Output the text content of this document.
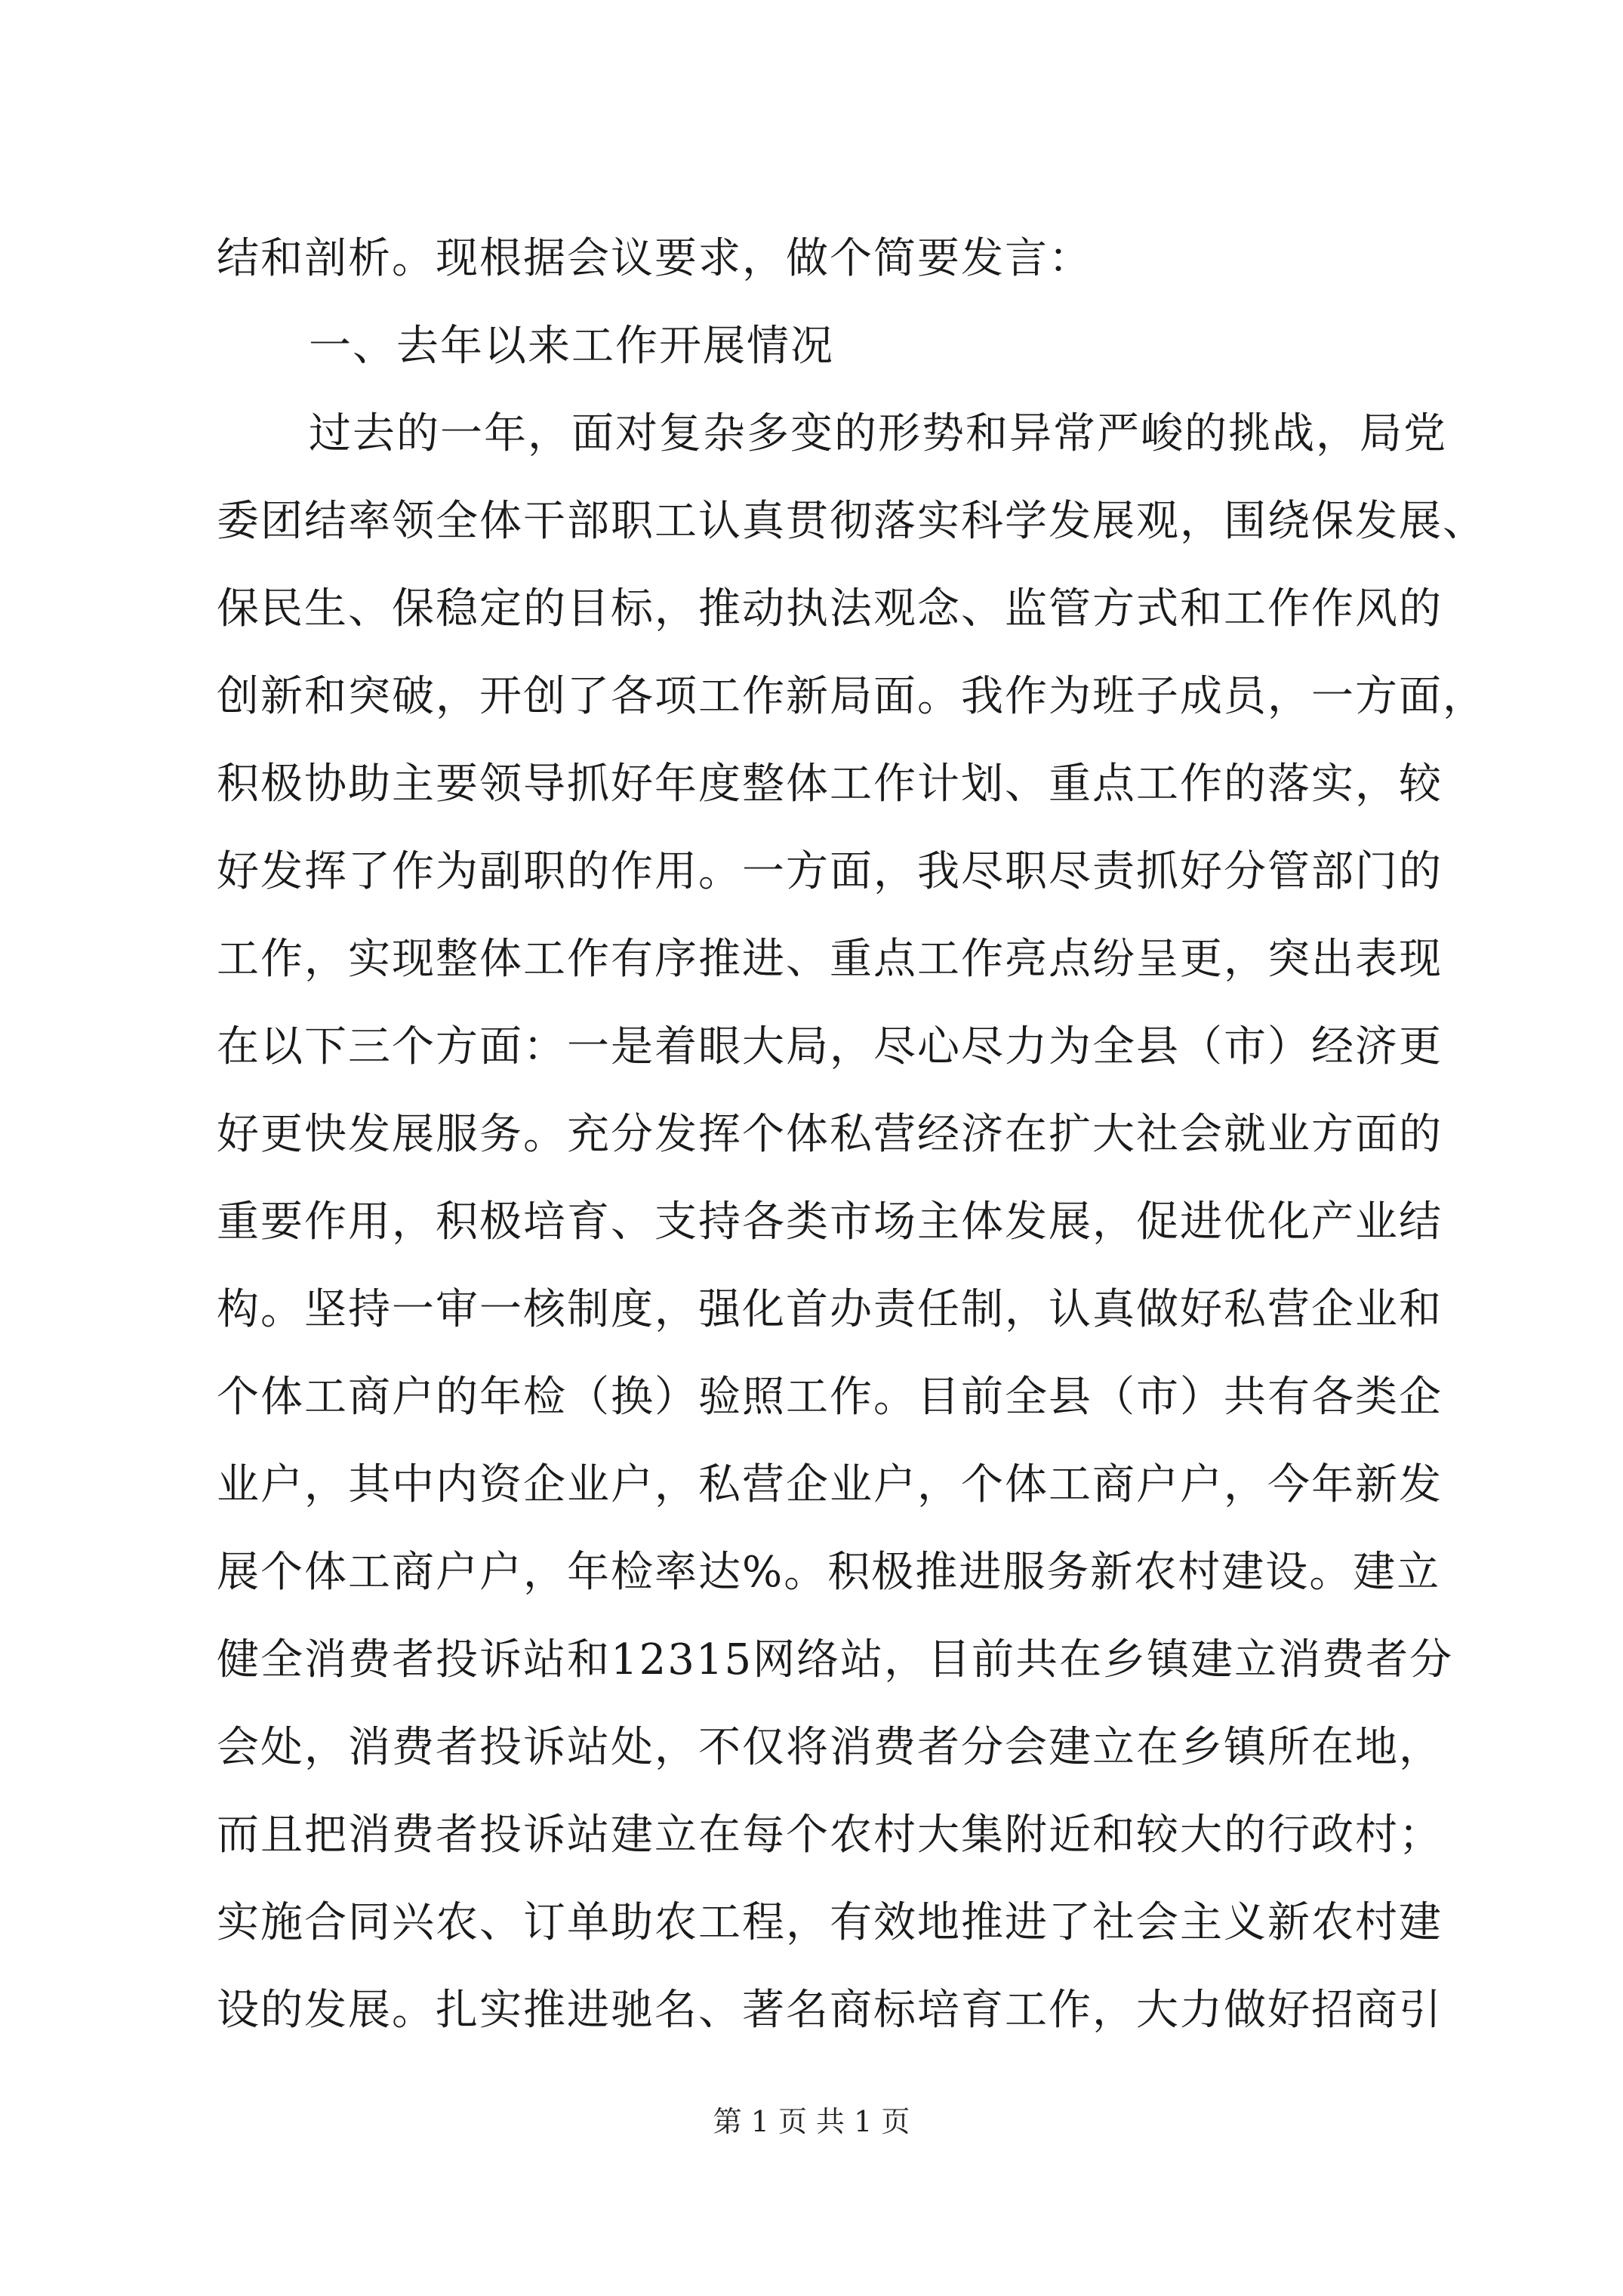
结和剖析。现根据会议要求，做个简要发言：
一、去年以来工作开展情况
过去的一年，面对复杂多变的形势和异常严峻的挑战，局党
委团结率领全体干部职工认真贯彻落实科学发展观，围绕保发展、
保民生、保稳定的目标，推动执法观念、监管方式和工作作风的
创新和突破，开创了各项工作新局面。我作为班子成员，一方面，
积极协助主要领导抓好年度整体工作计划、重点工作的落实，较
好发挥了作为副职的作用。一方面，我尽职尽责抓好分管部门的
工作，实现整体工作有序推进、重点工作亮点纷呈更，突出表现
在以下三个方面：一是着眼大局，尽心尽力为全县（市）经济更
好更快发展服务。充分发挥个体私营经济在扩大社会就业方面的
重要作用，积极培育、支持各类市场主体发展，促进优化产业结
构。坚持一审一核制度，强化首办责任制，认真做好私营企业和
个体工商户的年检（换）验照工作。目前全县（市）共有各类企
业户，其中内资企业户，私营企业户，个体工商户户，今年新发
展个体工商户户，年检率达%。积极推进服务新农村建设。建立
健全消费者投诉站和12315网络站，目前共在乡镇建立消费者分
会处，消费者投诉站处，不仅将消费者分会建立在乡镇所在地，
而且把消费者投诉站建立在每个农村大集附近和较大的行政村；
实施合同兴农、订单助农工程，有效地推进了社会主义新农村建
设的发展。扎实推进驰名、著名商标培育工作，大力做好招商引
第 1 页 共 1 页
